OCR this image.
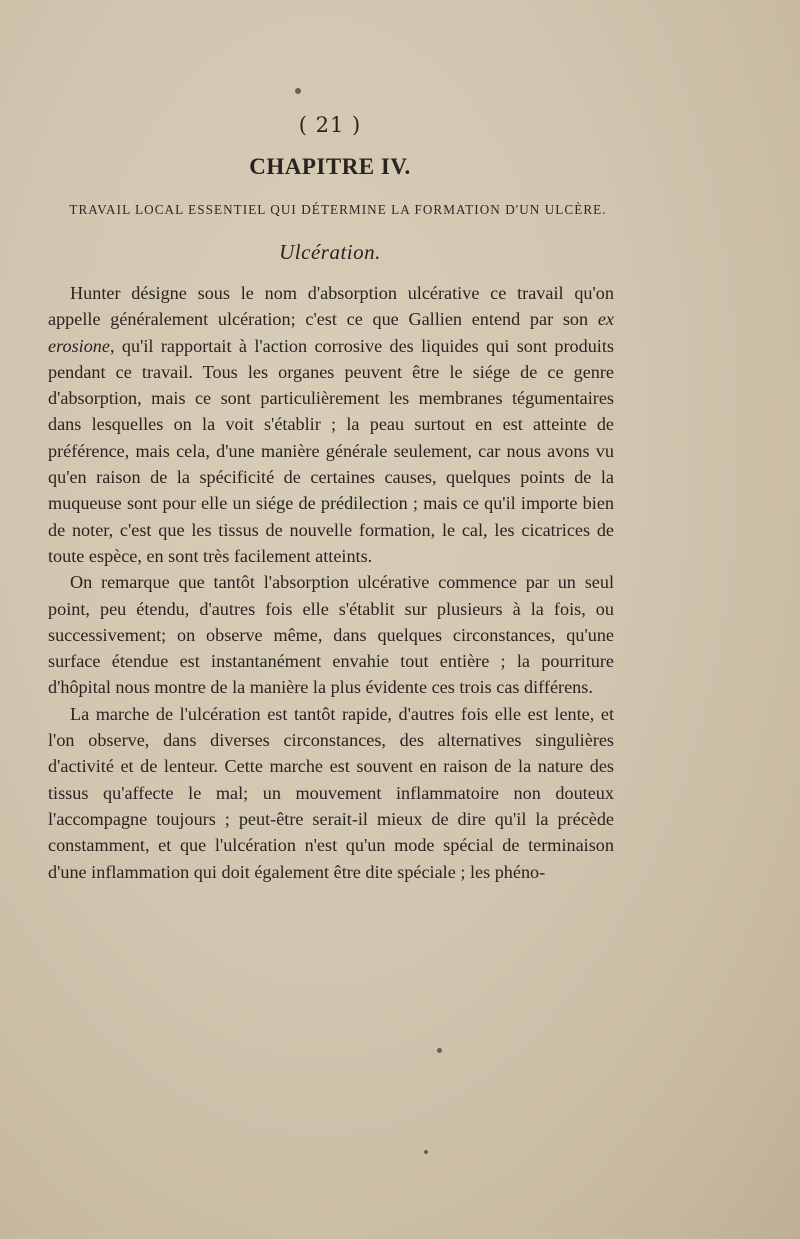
( 21 )
CHAPITRE IV.
TRAVAIL LOCAL ESSENTIEL QUI DÉTERMINE LA FORMATION D'UN ULCÈRE.
Ulcération.

Hunter désigne sous le nom d'absorption ulcérative ce travail qu'on appelle généralement ulcération; c'est ce que Gallien entend par son ex erosione, qu'il rapportait à l'action corrosive des liquides qui sont produits pendant ce travail. Tous les organes peuvent être le siége de ce genre d'absorption, mais ce sont particulièrement les membranes tégumentaires dans lesquelles on la voit s'établir ; la peau surtout en est atteinte de préférence, mais cela, d'une manière générale seulement, car nous avons vu qu'en raison de la spécificité de certaines causes, quelques points de la muqueuse sont pour elle un siége de prédilection ; mais ce qu'il importe bien de noter, c'est que les tissus de nouvelle formation, le cal, les cicatrices de toute espèce, en sont très facilement atteints.

On remarque que tantôt l'absorption ulcérative commence par un seul point, peu étendu, d'autres fois elle s'établit sur plusieurs à la fois, ou successivement; on observe même, dans quelques circonstances, qu'une surface étendue est instantanément envahie tout entière ; la pourriture d'hôpital nous montre de la manière la plus évidente ces trois cas différens.

La marche de l'ulcération est tantôt rapide, d'autres fois elle est lente, et l'on observe, dans diverses circonstances, des alternatives singulières d'activité et de lenteur. Cette marche est souvent en raison de la nature des tissus qu'affecte le mal; un mouvement inflammatoire non douteux l'accompagne toujours ; peut-être serait-il mieux de dire qu'il la précède constamment, et que l'ulcération n'est qu'un mode spécial de terminaison d'une inflammation qui doit également être dite spéciale ; les phéno-
